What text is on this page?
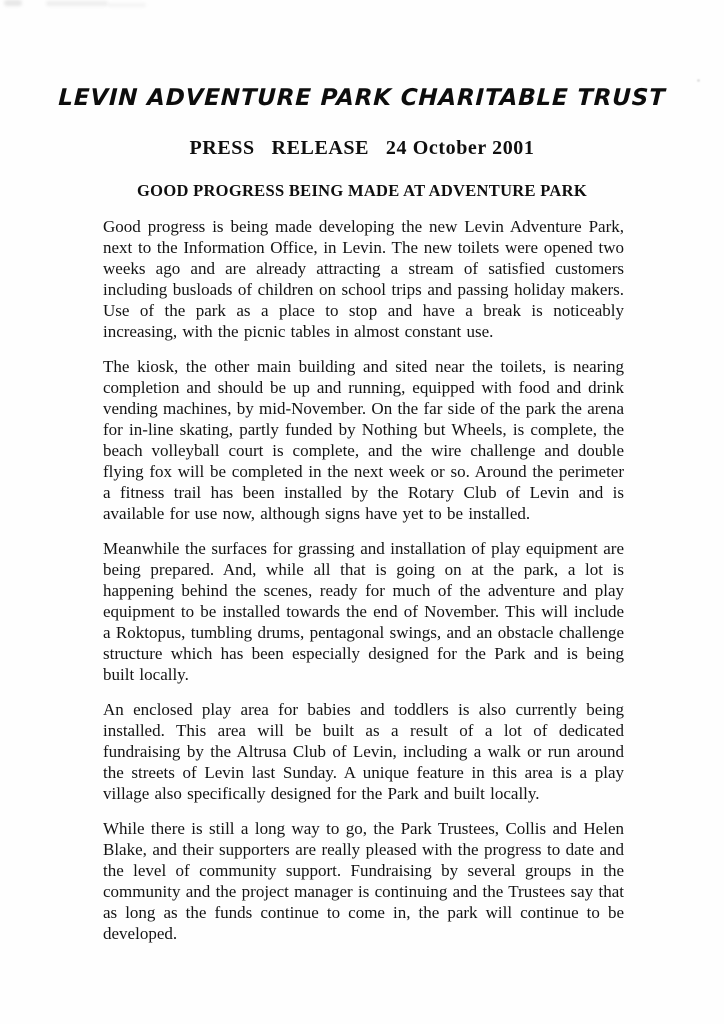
LEVIN ADVENTURE PARK CHARITABLE TRUST
PRESS   RELEASE   24 October 2001
GOOD PROGRESS BEING MADE AT ADVENTURE PARK

Good progress is being made developing the new Levin Adventure Park, next to the Information Office, in Levin. The new toilets were opened two weeks ago and are already attracting a stream of satisfied customers including busloads of children on school trips and passing holiday makers. Use of the park as a place to stop and have a break is noticeably increasing, with the picnic tables in almost constant use.

The kiosk, the other main building and sited near the toilets, is nearing completion and should be up and running, equipped with food and drink vending machines, by mid-November. On the far side of the park the arena for in-line skating, partly funded by Nothing but Wheels, is complete, the beach volleyball court is complete, and the wire challenge and double flying fox will be completed in the next week or so. Around the perimeter a fitness trail has been installed by the Rotary Club of Levin and is available for use now, although signs have yet to be installed.

Meanwhile the surfaces for grassing and installation of play equipment are being prepared. And, while all that is going on at the park, a lot is happening behind the scenes, ready for much of the adventure and play equipment to be installed towards the end of November. This will include a Roktopus, tumbling drums, pentagonal swings, and an obstacle challenge structure which has been especially designed for the Park and is being built locally.

An enclosed play area for babies and toddlers is also currently being installed. This area will be built as a result of a lot of dedicated fundraising by the Altrusa Club of Levin, including a walk or run around the streets of Levin last Sunday. A unique feature in this area is a play village also specifically designed for the Park and built locally.

While there is still a long way to go, the Park Trustees, Collis and Helen Blake, and their supporters are really pleased with the progress to date and the level of community support. Fundraising by several groups in the community and the project manager is continuing and the Trustees say that as long as the funds continue to come in, the park will continue to be developed.
